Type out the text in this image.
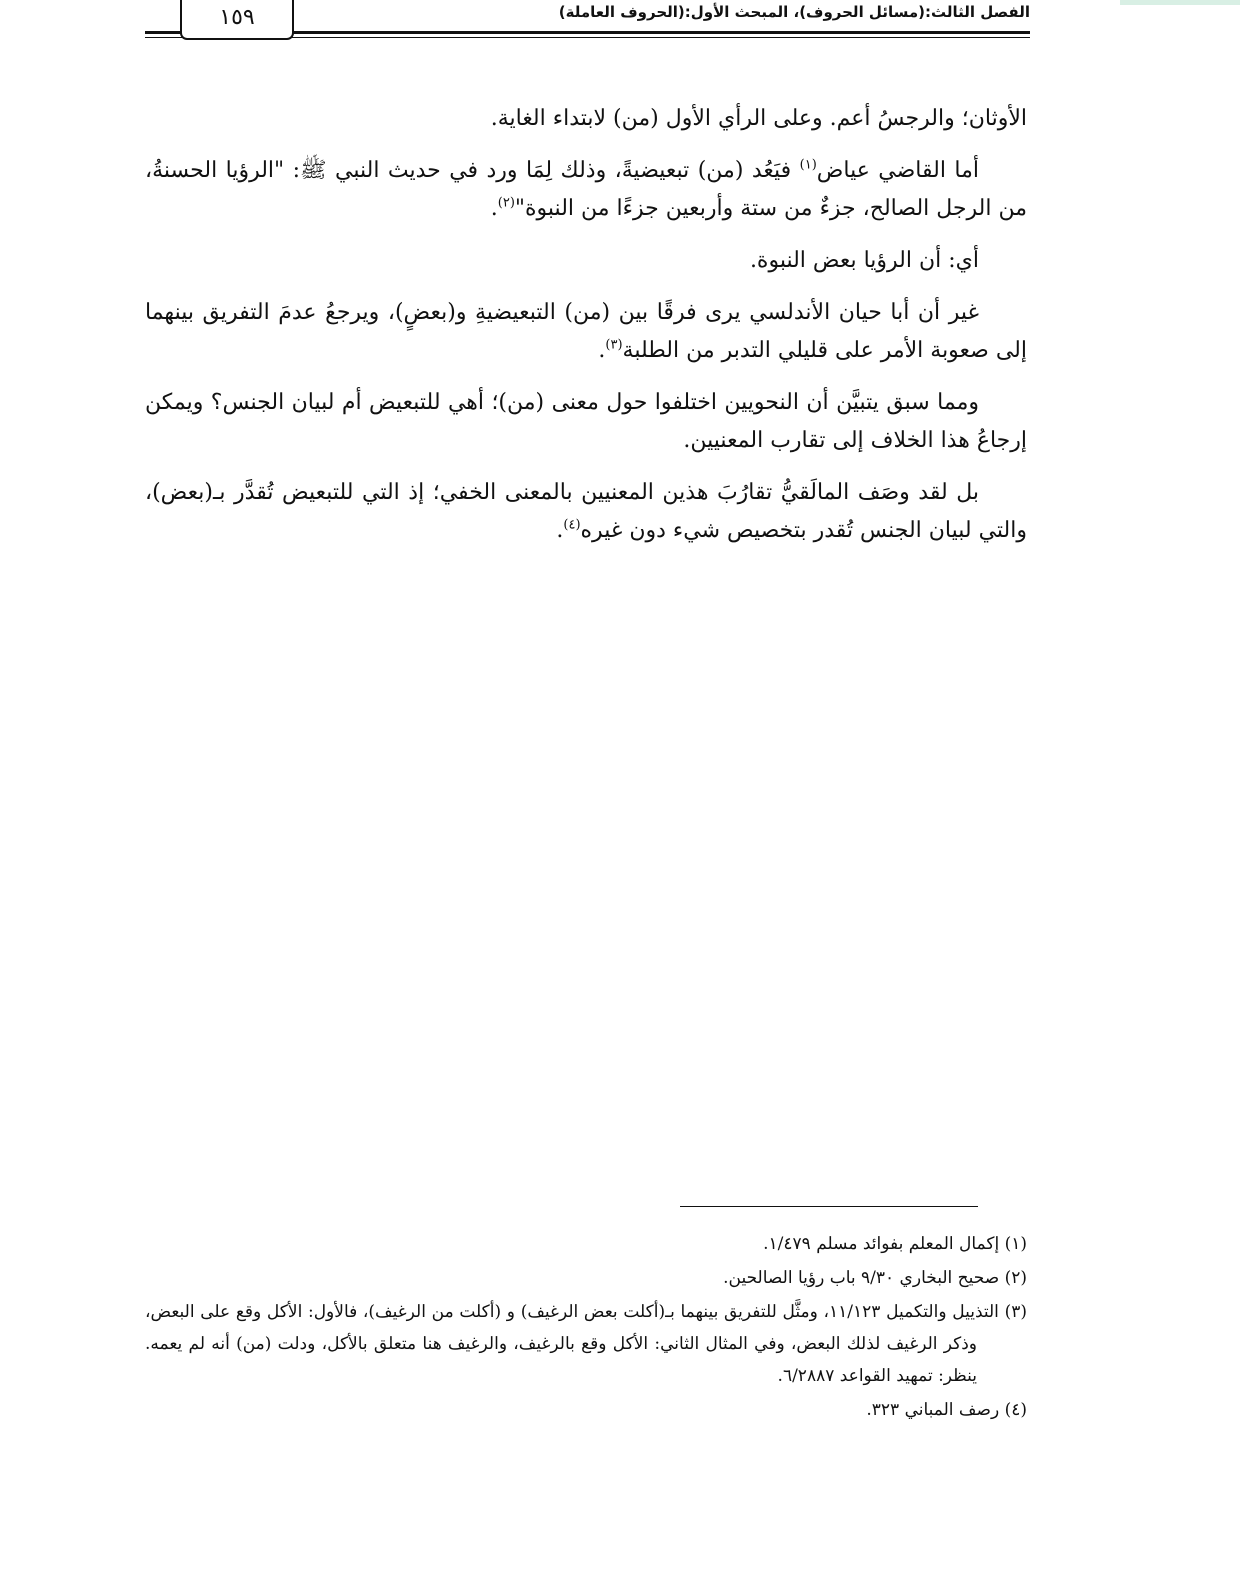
١٥٩	الفصل الثالث:(مسائل الحروف)، المبحث الأول:(الحروف العاملة)

الأوثان؛ والرجسُ أعم. وعلى الرأي الأول (من) لابتداء الغاية.

أما القاضي عياض$^{(١)}$ فيَعُد (من) تبعيضيةً، وذلك لِمَا ورد في حديث النبي ﷺ: "الرؤيا الحسنةُ، من الرجل الصالح، جزءٌ من ستة وأربعين جزءًا من النبوة"$^{(٢)}$.

أي: أن الرؤيا بعض النبوة.

غير أن أبا حيان الأندلسي يرى فرقًا بين (من) التبعيضيةِ و(بعضٍ)، ويرجعُ عدمَ التفريق بينهما إلى صعوبة الأمر على قليلي التدبر من الطلبة$^{(٣)}$.

ومما سبق يتبيَّن أن النحويين اختلفوا حول معنى (من)؛ أهي للتبعيض أم لبيان الجنس؟ ويمكن إرجاعُ هذا الخلاف إلى تقارب المعنيين.

بل لقد وصَف المالَقيُّ تقارُبَ هذين المعنيين بالمعنى الخفي؛ إذ التي للتبعيض تُقدَّر بـ(بعض)، والتي لبيان الجنس تُقدر بتخصيص شيء دون غيره$^{(٤)}$.

(١) إكمال المعلم بفوائد مسلم ١/٤٧٩.

(٢) صحيح البخاري ٩/٣٠ باب رؤيا الصالحين.

(٣) التذييل والتكميل ١١/١٢٣، ومثَّل للتفريق بينهما بـ(أكلت بعض الرغيف) و (أكلت من الرغيف)، فالأول: الأكل وقع على البعض، وذكر الرغيف لذلك البعض، وفي المثال الثاني: الأكل وقع بالرغيف، والرغيف هنا متعلق بالأكل، ودلت (من) أنه لم يعمه. ينظر: تمهيد القواعد ٦/٢٨٨٧.

(٤) رصف المباني ٣٢٣.
